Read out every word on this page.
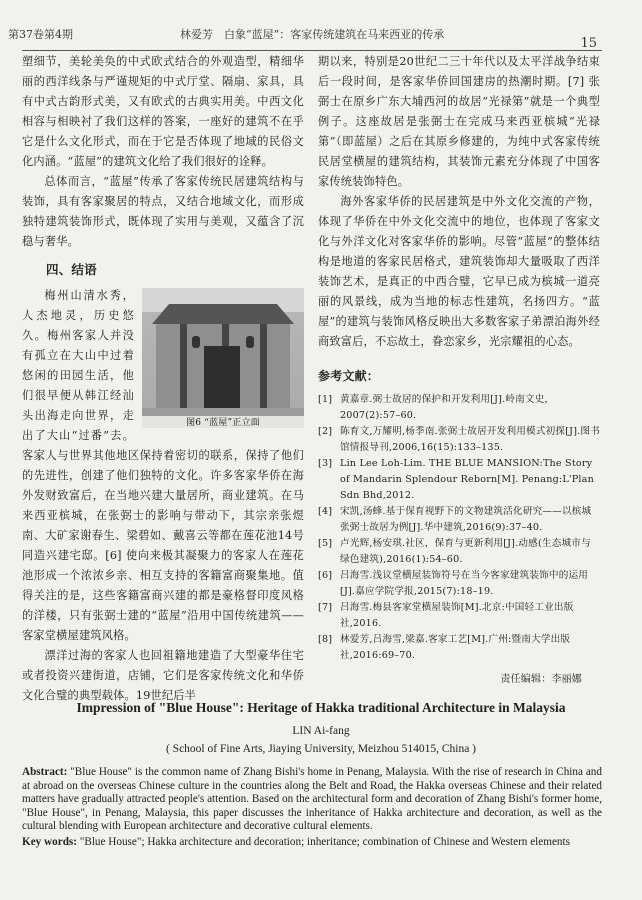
第37卷第4期	林爱芳　白象“蓝屋”：客家传统建筑在马来西亚的传承
15

塑细节，美轮美奂的中式欧式结合的外观造型，精细华丽的西洋线条与严谨规矩的中式厅堂、隔扇、家具，具有中式古韵形式美，又有欧式的古典实用美。中西文化相容与相映衬了我们这样的答案，一座好的建筑不在乎它是什么文化形式，而在于它是否体现了地域的民俗文化内涵。“蓝屋”的建筑文化给了我们很好的诠释。

总体而言，“蓝屋”传承了客家传统民居建筑结构与装饰，具有客家聚居的特点，又结合地域文化，而形成独特建筑装饰形式，既体现了实用与美观，又蕴含了沉稳与奢华。

四、结语
图6 “蓝屋”正立面

梅州山清水秀，人杰地灵，历史悠久。梅州客家人并没有孤立在大山中过着悠闲的田园生活，他们很早便从韩江经汕头出海走向世界，走出了大山“过番”去。客家人与世界其他地区保持着密切的联系，保持了他们的先进性，创建了他们独特的文化。许多客家华侨在海外发财致富后，在当地兴建大量居所，商业建筑。在马来西亚槟城，在张弼士的影响与带动下，其宗亲张煜南、大矿家谢春生、梁碧如、戴喜云等都在莲花池14号同造兴建宅邸。[6] 使向来极其凝聚力的客家人在莲花池形成一个浓浓乡亲、相互支持的客籍富商聚集地。值得关注的是，这些客籍富商兴建的都是豪格督印度风格的洋楼，只有张弼士建的“蓝屋”沿用中国传统建筑——客家堂横屋建筑风格。

漂洋过海的客家人也回祖籍地建造了大型豪华住宅或者投资兴建街道，店铺，它们是客家传统文化和华侨文化合璧的典型载体。19世纪后半

期以来，特别是20世纪二三十年代以及太平洋战争结束后一段时间，是客家华侨回国建房的热潮时期。[7] 张弼士在原乡广东大埔西河的故居“光禄第”就是一个典型例子。这座故居是张弼士在完成马来西亚槟城“光禄第”（即蓝屋）之后在其原乡修建的，为纯中式客家传统民居堂横屋的建筑结构，其装饰元素充分体现了中国客家传统装饰特色。

海外客家华侨的民居建筑是中外文化交流的产物，体现了华侨在中外文化交流中的地位，也体现了客家文化与外洋文化对客家华侨的影响。尽管“蓝屋”的整体结构是地道的客家民居格式，建筑装饰却大量吸取了西洋装饰艺术，是真正的中西合璧，它早已成为槟城一道亮丽的风景线，成为当地的标志性建筑，名扬四方。“蓝屋”的建筑与装饰风格反映出大多数客家子弟漂泊海外经商致富后，不忘故土，眷恋家乡，光宗耀祖的心态。

参考文献：
[1] 黄嘉章.弼士故居的保护和开发利用[J].岭南文史，2007(2):57–60.
[2] 陈育文,万耀明,杨季南.张弼士故居开发利用模式初探[J].图书馆情报导刊,2006,16(15):133–135.
[3] Lin Lee Loh-Lim. THE BLUE MANSION:The Story of Mandarin Splendour Reborn[M]. Penang:L'Plan Sdn Bhd,2012.
[4] 宋凯,汤蜂.基于保育视野下的文物建筑活化研究——以槟城张弼士故居为例[J].华中建筑,2016(9):37–40.
[5] 卢光辉,杨安琪.社区，保育与更新利用[J].动感(生态城市与绿色建筑),2016(1):54–60.
[6] 吕海雪.浅议堂横屋装饰符号在当今客家建筑装饰中的运用[J].嘉应学院学报,2015(7):18–19.
[7] 吕海雪.梅县客家堂横屋装饰[M].北京:中国轻工业出版社,2016.
[8] 林爱芳,吕海雪,梁嘉.客家工艺[M].广州:暨南大学出版社,2016:69–70.
责任编辑：李丽娜
Impression of "Blue House": Heritage of Hakka traditional Architecture in Malaysia
LIN Ai-fang
( School of Fine Arts, Jiaying University, Meizhou 514015, China )
Abstract: "Blue House" is the common name of Zhang Bishi's home in Penang, Malaysia. With the rise of research in China and at abroad on the overseas Chinese culture in the countries along the Belt and Road, the Hakka overseas Chinese and their related matters have gradually attracted people's attention. Based on the architectural form and decoration of Zhang Bishi's former home, "Blue House", in Penang, Malaysia, this paper discusses the inheritance of Hakka architecture and decoration, as well as the cultural blending with European architecture and decorative cultural elements.
Key words: "Blue House"; Hakka architecture and decoration; inheritance; combination of Chinese and Western elements
